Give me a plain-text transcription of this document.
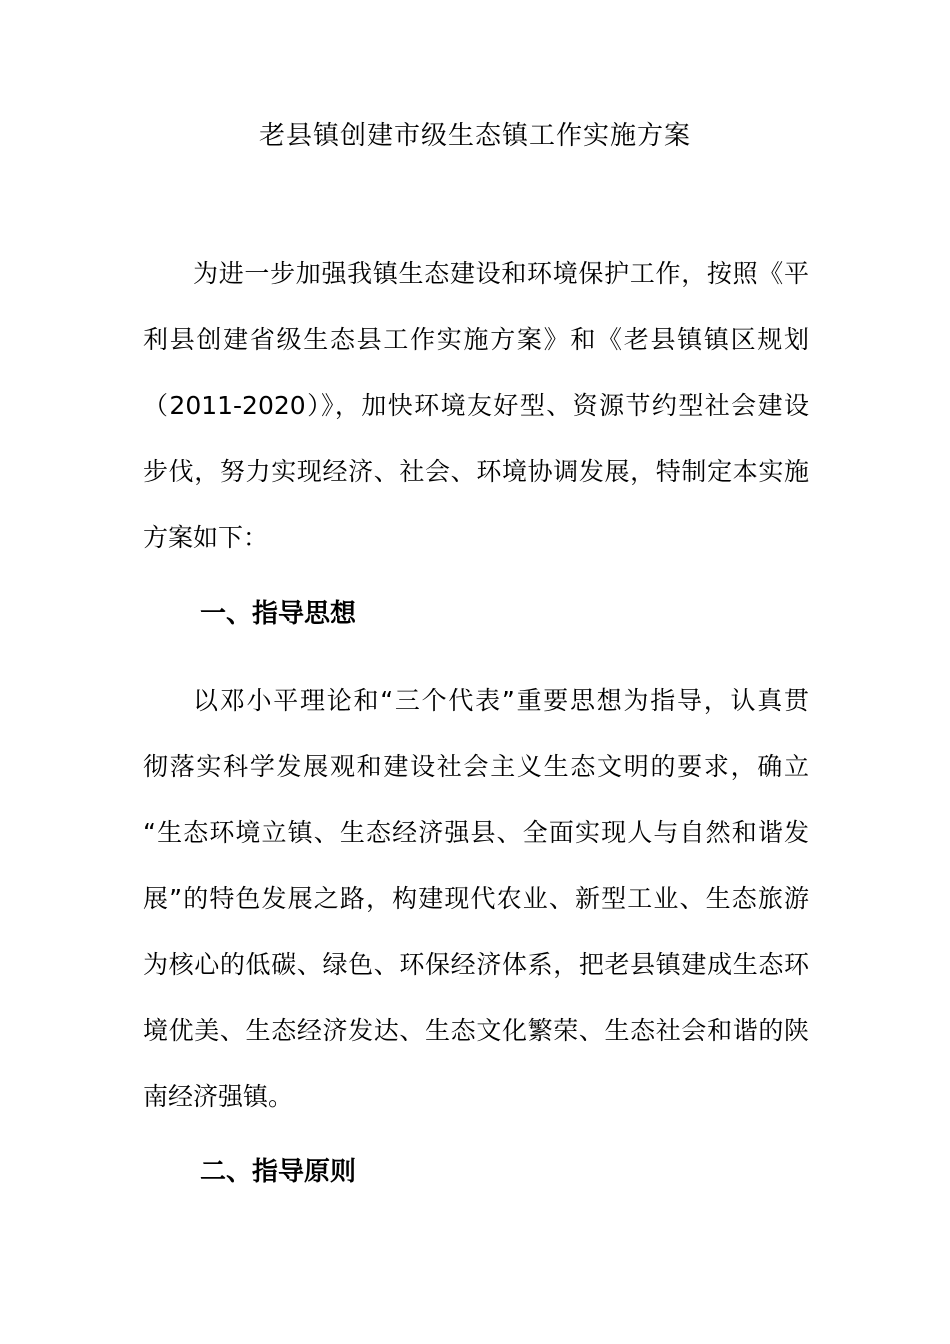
老县镇创建市级生态镇工作实施方案
为进一步加强我镇生态建设和环境保护工作，按照《平
利县创建省级生态县工作实施方案》和《老县镇镇区规划
（2011-2020）》，加快环境友好型、资源节约型社会建设
步伐，努力实现经济、社会、环境协调发展，特制定本实施
方案如下：
一、指导思想
以邓小平理论和“三个代表”重要思想为指导，认真贯
彻落实科学发展观和建设社会主义生态文明的要求，确立
“生态环境立镇、生态经济强县、全面实现人与自然和谐发
展”的特色发展之路，构建现代农业、新型工业、生态旅游
为核心的低碳、绿色、环保经济体系，把老县镇建成生态环
境优美、生态经济发达、生态文化繁荣、生态社会和谐的陕
南经济强镇。
二、指导原则
